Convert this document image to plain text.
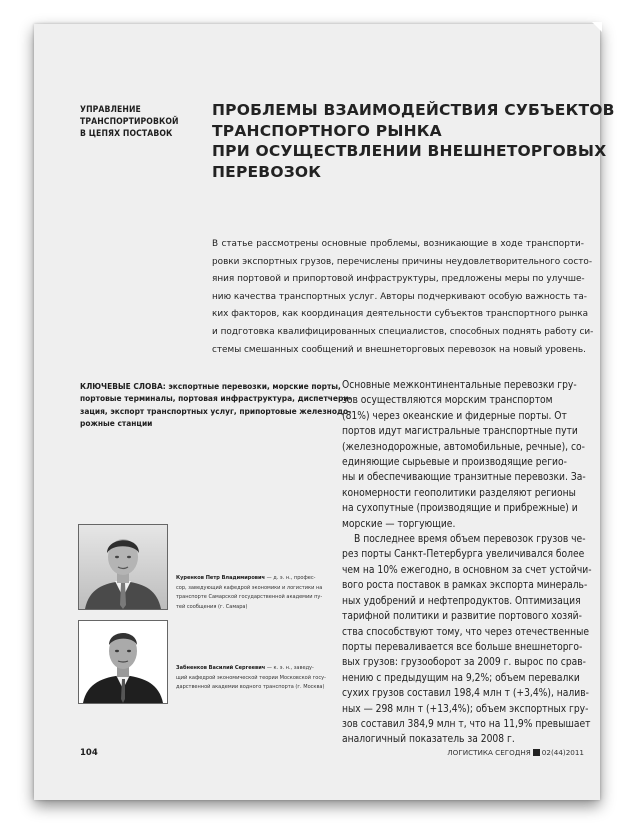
УПРАВЛЕНИЕ
ТРАНСПОРТИРОВКОЙ
В ЦЕПЯХ ПОСТАВОК
ПРОБЛЕМЫ ВЗАИМОДЕЙСТВИЯ СУБЪЕКТОВ
ТРАНСПОРТНОГО РЫНКА
ПРИ ОСУЩЕСТВЛЕНИИ ВНЕШНЕТОРГОВЫХ
ПЕРЕВОЗОК
В статье рассмотрены основные проблемы, возникающие в ходе транспорти-
ровки экспортных грузов, перечислены причины неудовлетворительного состо-
яния портовой и припортовой инфраструктуры, предложены меры по улучше-
нию качества транспортных услуг. Авторы подчеркивают особую важность та-
ких факторов, как координация деятельности субъектов транспортного рынка
и подготовка квалифицированных специалистов, способных поднять работу си-
стемы смешанных сообщений и внешнеторговых перевозок на новый уровень.
КЛЮЧЕВЫЕ СЛОВА: экспортные перевозки, морские порты,
портовые терминалы, портовая инфраструктура, диспетчери-
зация, экспорт транспортных услуг, припортовые железнодо-
рожные станции
Основные межконтинентальные перевозки гру-
зов осуществляются морским транспортом
(81%) через океанские и фидерные порты. От
портов идут магистральные транспортные пути
(железнодорожные, автомобильные, речные), со-
единяющие сырьевые и производящие регио-
ны и обеспечивающие транзитные перевозки. За-
кономерности геополитики разделяют регионы
на сухопутные (производящие и прибрежные) и
морские — торгующие.
В последнее время объем перевозок грузов че-
рез порты Санкт-Петербурга увеличивался более
чем на 10% ежегодно, в основном за счет устойчи-
вого роста поставок в рамках экспорта минераль-
ных удобрений и нефтепродуктов. Оптимизация
тарифной политики и развитие портового хозяй-
ства способствуют тому, что через отечественные
порты переваливается все больше внешнеторго-
вых грузов: грузооборот за 2009 г. вырос по срав-
нению с предыдущим на 9,2%; объем перевалки
сухих грузов составил 198,4 млн т (+3,4%), налив-
ных — 298 млн т (+13,4%); объем экспортных гру-
зов составил 384,9 млн т, что на 11,9% превышает
аналогичный показатель за 2008 г.
Куренков Петр Владимирович — д. э. н., профес-
сор, заведующий кафедрой экономики и логистики на
транспорте Самарской государственной академии пу-
тей сообщения (г. Самара)
Забненков Василий Сергеевич — к. э. н., заведу-
щий кафедрой экономической теории Московской госу-
дарственной академии водного транспорта (г. Москва)
104	ЛОГИСТИКА СЕГОДНЯ 02(44)2011
